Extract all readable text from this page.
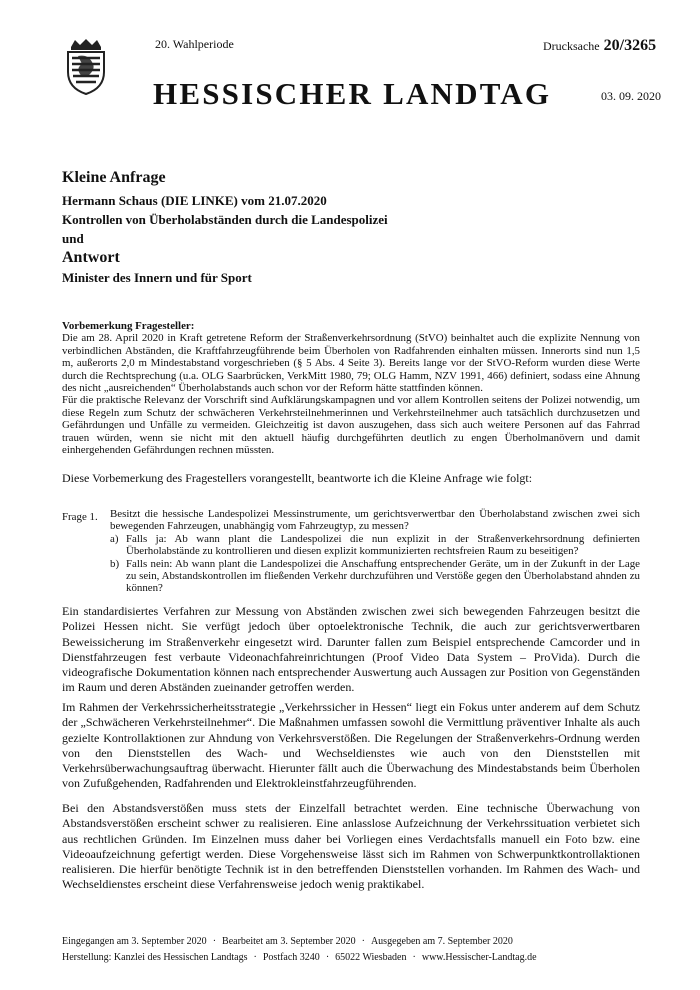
20. Wahlperiode	Drucksache 20/3265
HESSISCHER LANDTAG	03. 09. 2020

Kleine Anfrage

Hermann Schaus (DIE LINKE) vom 21.07.2020

Kontrollen von Überholabständen durch die Landespolizei

und

Antwort

Minister des Innern und für Sport

Vorbemerkung Fragesteller:

Die am 28. April 2020 in Kraft getretene Reform der Straßenverkehrsordnung (StVO) beinhaltet auch die explizite Nennung von verbindlichen Abständen, die Kraftfahrzeugführende beim Überholen von Radfahrenden einhalten müssen. Innerorts sind nun 1,5 m, außerorts 2,0 m Mindestabstand vorgeschrieben (§ 5 Abs. 4 Seite 3). Bereits lange vor der StVO-Reform wurden diese Werte durch die Rechtsprechung (u.a. OLG Saarbrücken, VerkMitt 1980, 79; OLG Hamm, NZV 1991, 466) definiert, sodass eine Ahnung des nicht „ausreichenden“ Überholabstands auch schon vor der Reform hätte stattfinden können.

Für die praktische Relevanz der Vorschrift sind Aufklärungskampagnen und vor allem Kontrollen seitens der Polizei notwendig, um diese Regeln zum Schutz der schwächeren Verkehrsteilnehmerinnen und Verkehrsteilnehmer auch tatsächlich durchzusetzen und Gefährdungen und Unfälle zu vermeiden. Gleichzeitig ist davon auszugehen, dass sich auch weitere Personen auf das Fahrrad trauen würden, wenn sie nicht mit den aktuell häufig durchgeführten deutlich zu engen Überholmanövern und damit einhergehenden Gefährdungen rechnen müssten.

Diese Vorbemerkung des Fragestellers vorangestellt, beantworte ich die Kleine Anfrage wie folgt:
Frage 1. Besitzt die hessische Landespolizei Messinstrumente, um gerichtsverwertbar den Überholabstand zwischen zwei sich bewegenden Fahrzeugen, unabhängig vom Fahrzeugtyp, zu messen?

a) Falls ja: Ab wann plant die Landespolizei die nun explizit in der Straßenverkehrsordnung definierten Überholabstände zu kontrollieren und diesen explizit kommunizierten rechtsfreien Raum zu beseitigen?
b) Falls nein: Ab wann plant die Landespolizei die Anschaffung entsprechender Geräte, um in der Zukunft in der Lage zu sein, Abstandskontrollen im fließenden Verkehr durchzuführen und Verstöße gegen den Überholabstand ahnden zu können?

Ein standardisiertes Verfahren zur Messung von Abständen zwischen zwei sich bewegenden Fahrzeugen besitzt die Polizei Hessen nicht. Sie verfügt jedoch über optoelektronische Technik, die auch zur gerichtsverwertbaren Beweissicherung im Straßenverkehr eingesetzt wird. Darunter fallen zum Beispiel entsprechende Camcorder und in Dienstfahrzeugen fest verbaute Videonachfahreinrichtungen (Proof Video Data System – ProVida). Durch die videografische Dokumentation können nach entsprechender Auswertung auch Aussagen zur Position von Gegenständen im Raum und deren Abständen zueinander getroffen werden.

Im Rahmen der Verkehrssicherheitsstrategie „Verkehrssicher in Hessen“ liegt ein Fokus unter anderem auf dem Schutz der „Schwächeren Verkehrsteilnehmer“. Die Maßnahmen umfassen sowohl die Vermittlung präventiver Inhalte als auch gezielte Kontrollaktionen zur Ahndung von Verkehrsverstößen. Die Regelungen der Straßenverkehrs-Ordnung werden von den Dienststellen des Wach- und Wechseldienstes wie auch von den Dienststellen mit Verkehrsüberwachungsauftrag überwacht. Hierunter fällt auch die Überwachung des Mindestabstands beim Überholen von Zufußgehenden, Radfahrenden und Elektrokleinstfahrzeugführenden.

Bei den Abstandsverstößen muss stets der Einzelfall betrachtet werden. Eine technische Überwachung von Abstandsverstößen erscheint schwer zu realisieren. Eine anlasslose Aufzeichnung der Verkehrssituation verbietet sich aus rechtlichen Gründen. Im Einzelnen muss daher bei Vorliegen eines Verdachtsfalls manuell ein Foto bzw. eine Videoaufzeichnung gefertigt werden. Diese Vorgehensweise lässt sich im Rahmen von Schwerpunktkontrollaktionen realisieren. Die hierfür benötigte Technik ist in den betreffenden Dienststellen vorhanden. Im Rahmen des Wach- und Wechseldienstes erscheint diese Verfahrensweise jedoch wenig praktikabel.

Eingegangen am 3. September 2020 · Bearbeitet am 3. September 2020 · Ausgegeben am 7. September 2020
Herstellung: Kanzlei des Hessischen Landtags · Postfach 3240 · 65022 Wiesbaden · www.Hessischer-Landtag.de
